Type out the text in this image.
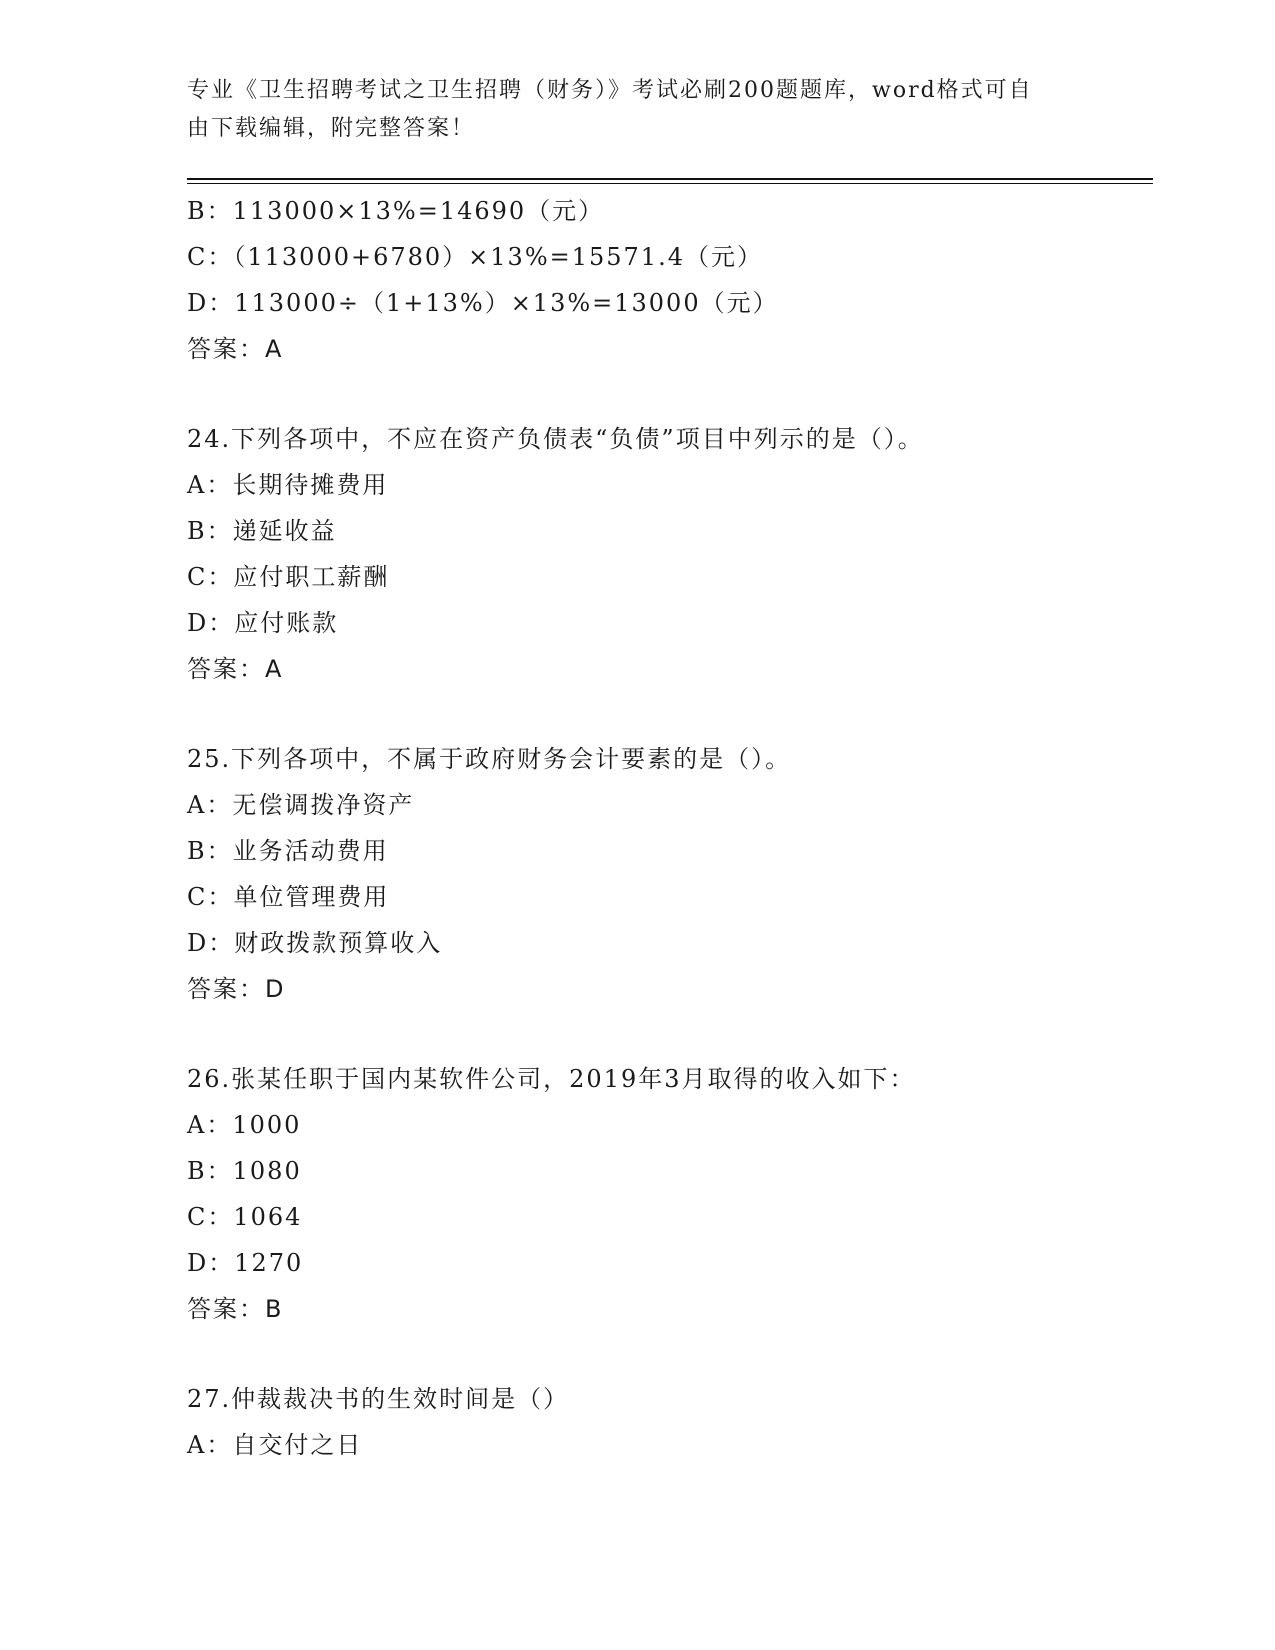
专业《卫生招聘考试之卫生招聘（财务）》考试必刷200题题库，word格式可自
由下载编辑，附完整答案！
B：113000×13%=14690（元）
C：（113000+6780）×13%=15571.4（元）
D：113000÷（1+13%）×13%=13000（元）
答案：A
24.下列各项中，不应在资产负债表“负债”项目中列示的是（）。
A：长期待摊费用
B：递延收益
C：应付职工薪酬
D：应付账款
答案：A
25.下列各项中，不属于政府财务会计要素的是（）。
A：无偿调拨净资产
B：业务活动费用
C：单位管理费用
D：财政拨款预算收入
答案：D
26.张某任职于国内某软件公司，2019年3月取得的收入如下：
A：1000
B：1080
C：1064
D：1270
答案：B
27.仲裁裁决书的生效时间是（）
A：自交付之日
